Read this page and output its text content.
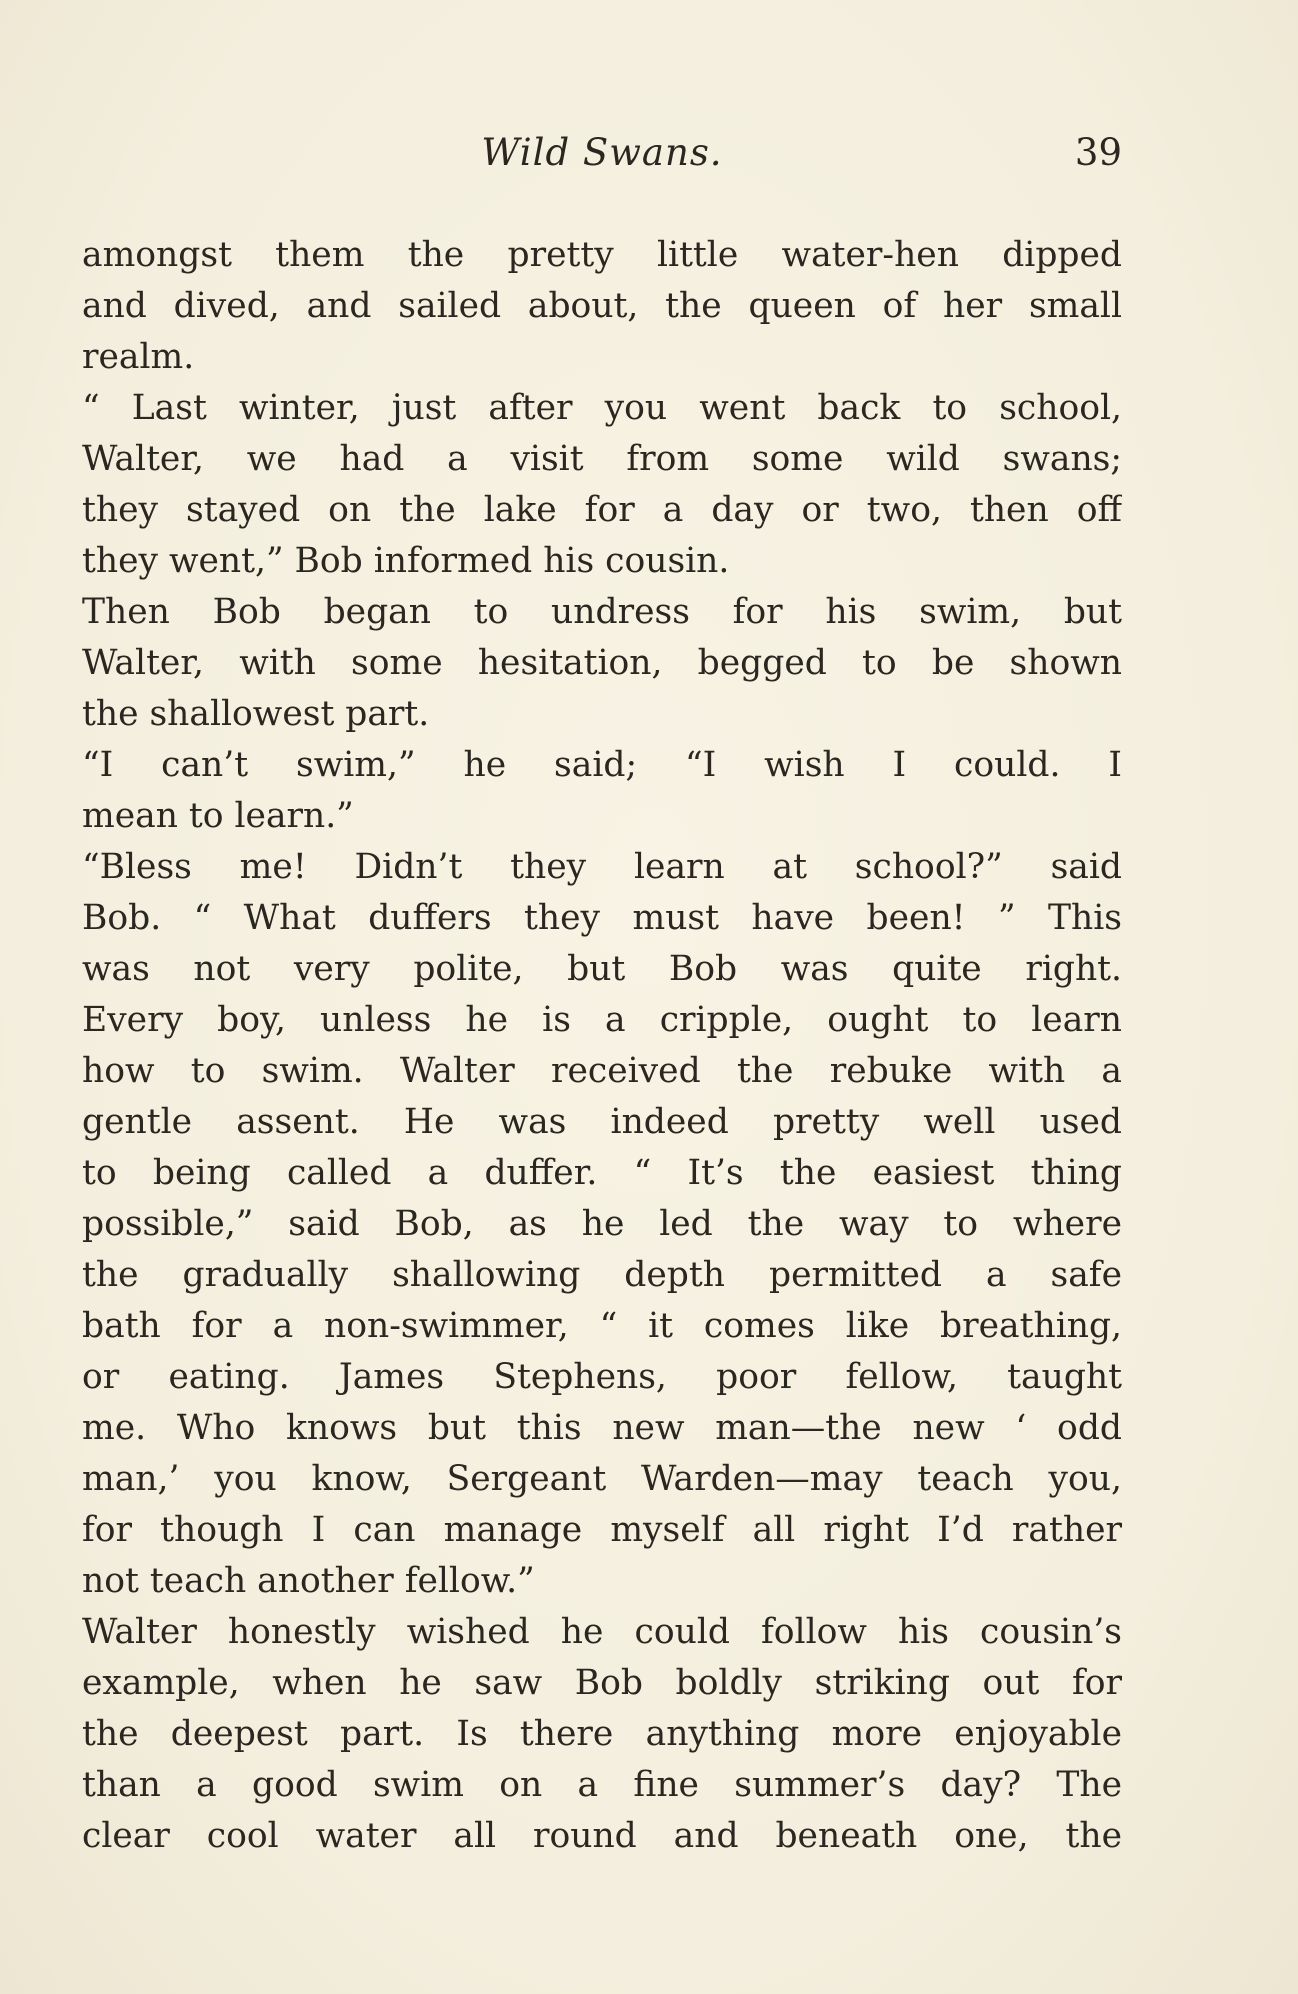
Wild Swans.	39
amongst them the pretty little water-hen dipped
and dived, and sailed about, the queen of her small
realm.
“ Last winter, just after you went back to school,
Walter, we had a visit from some wild swans;
they stayed on the lake for a day or two, then off
they went,” Bob informed his cousin.
Then Bob began to undress for his swim, but
Walter, with some hesitation, begged to be shown
the shallowest part.
“I can’t swim,” he said; “I wish I could. I
mean to learn.”
“Bless me! Didn’t they learn at school?” said
Bob. “ What duffers they must have been! ” This
was not very polite, but Bob was quite right.
Every boy, unless he is a cripple, ought to learn
how to swim. Walter received the rebuke with a
gentle assent. He was indeed pretty well used
to being called a duffer. “ It’s the easiest thing
possible,” said Bob, as he led the way to where
the gradually shallowing depth permitted a safe
bath for a non-swimmer, “ it comes like breathing,
or eating. James Stephens, poor fellow, taught
me. Who knows but this new man—the new ‘ odd
man,’ you know, Sergeant Warden—may teach you,
for though I can manage myself all right I’d rather
not teach another fellow.”
Walter honestly wished he could follow his cousin’s
example, when he saw Bob boldly striking out for
the deepest part. Is there anything more enjoyable
than a good swim on a fine summer’s day? The
clear cool water all round and beneath one, the
